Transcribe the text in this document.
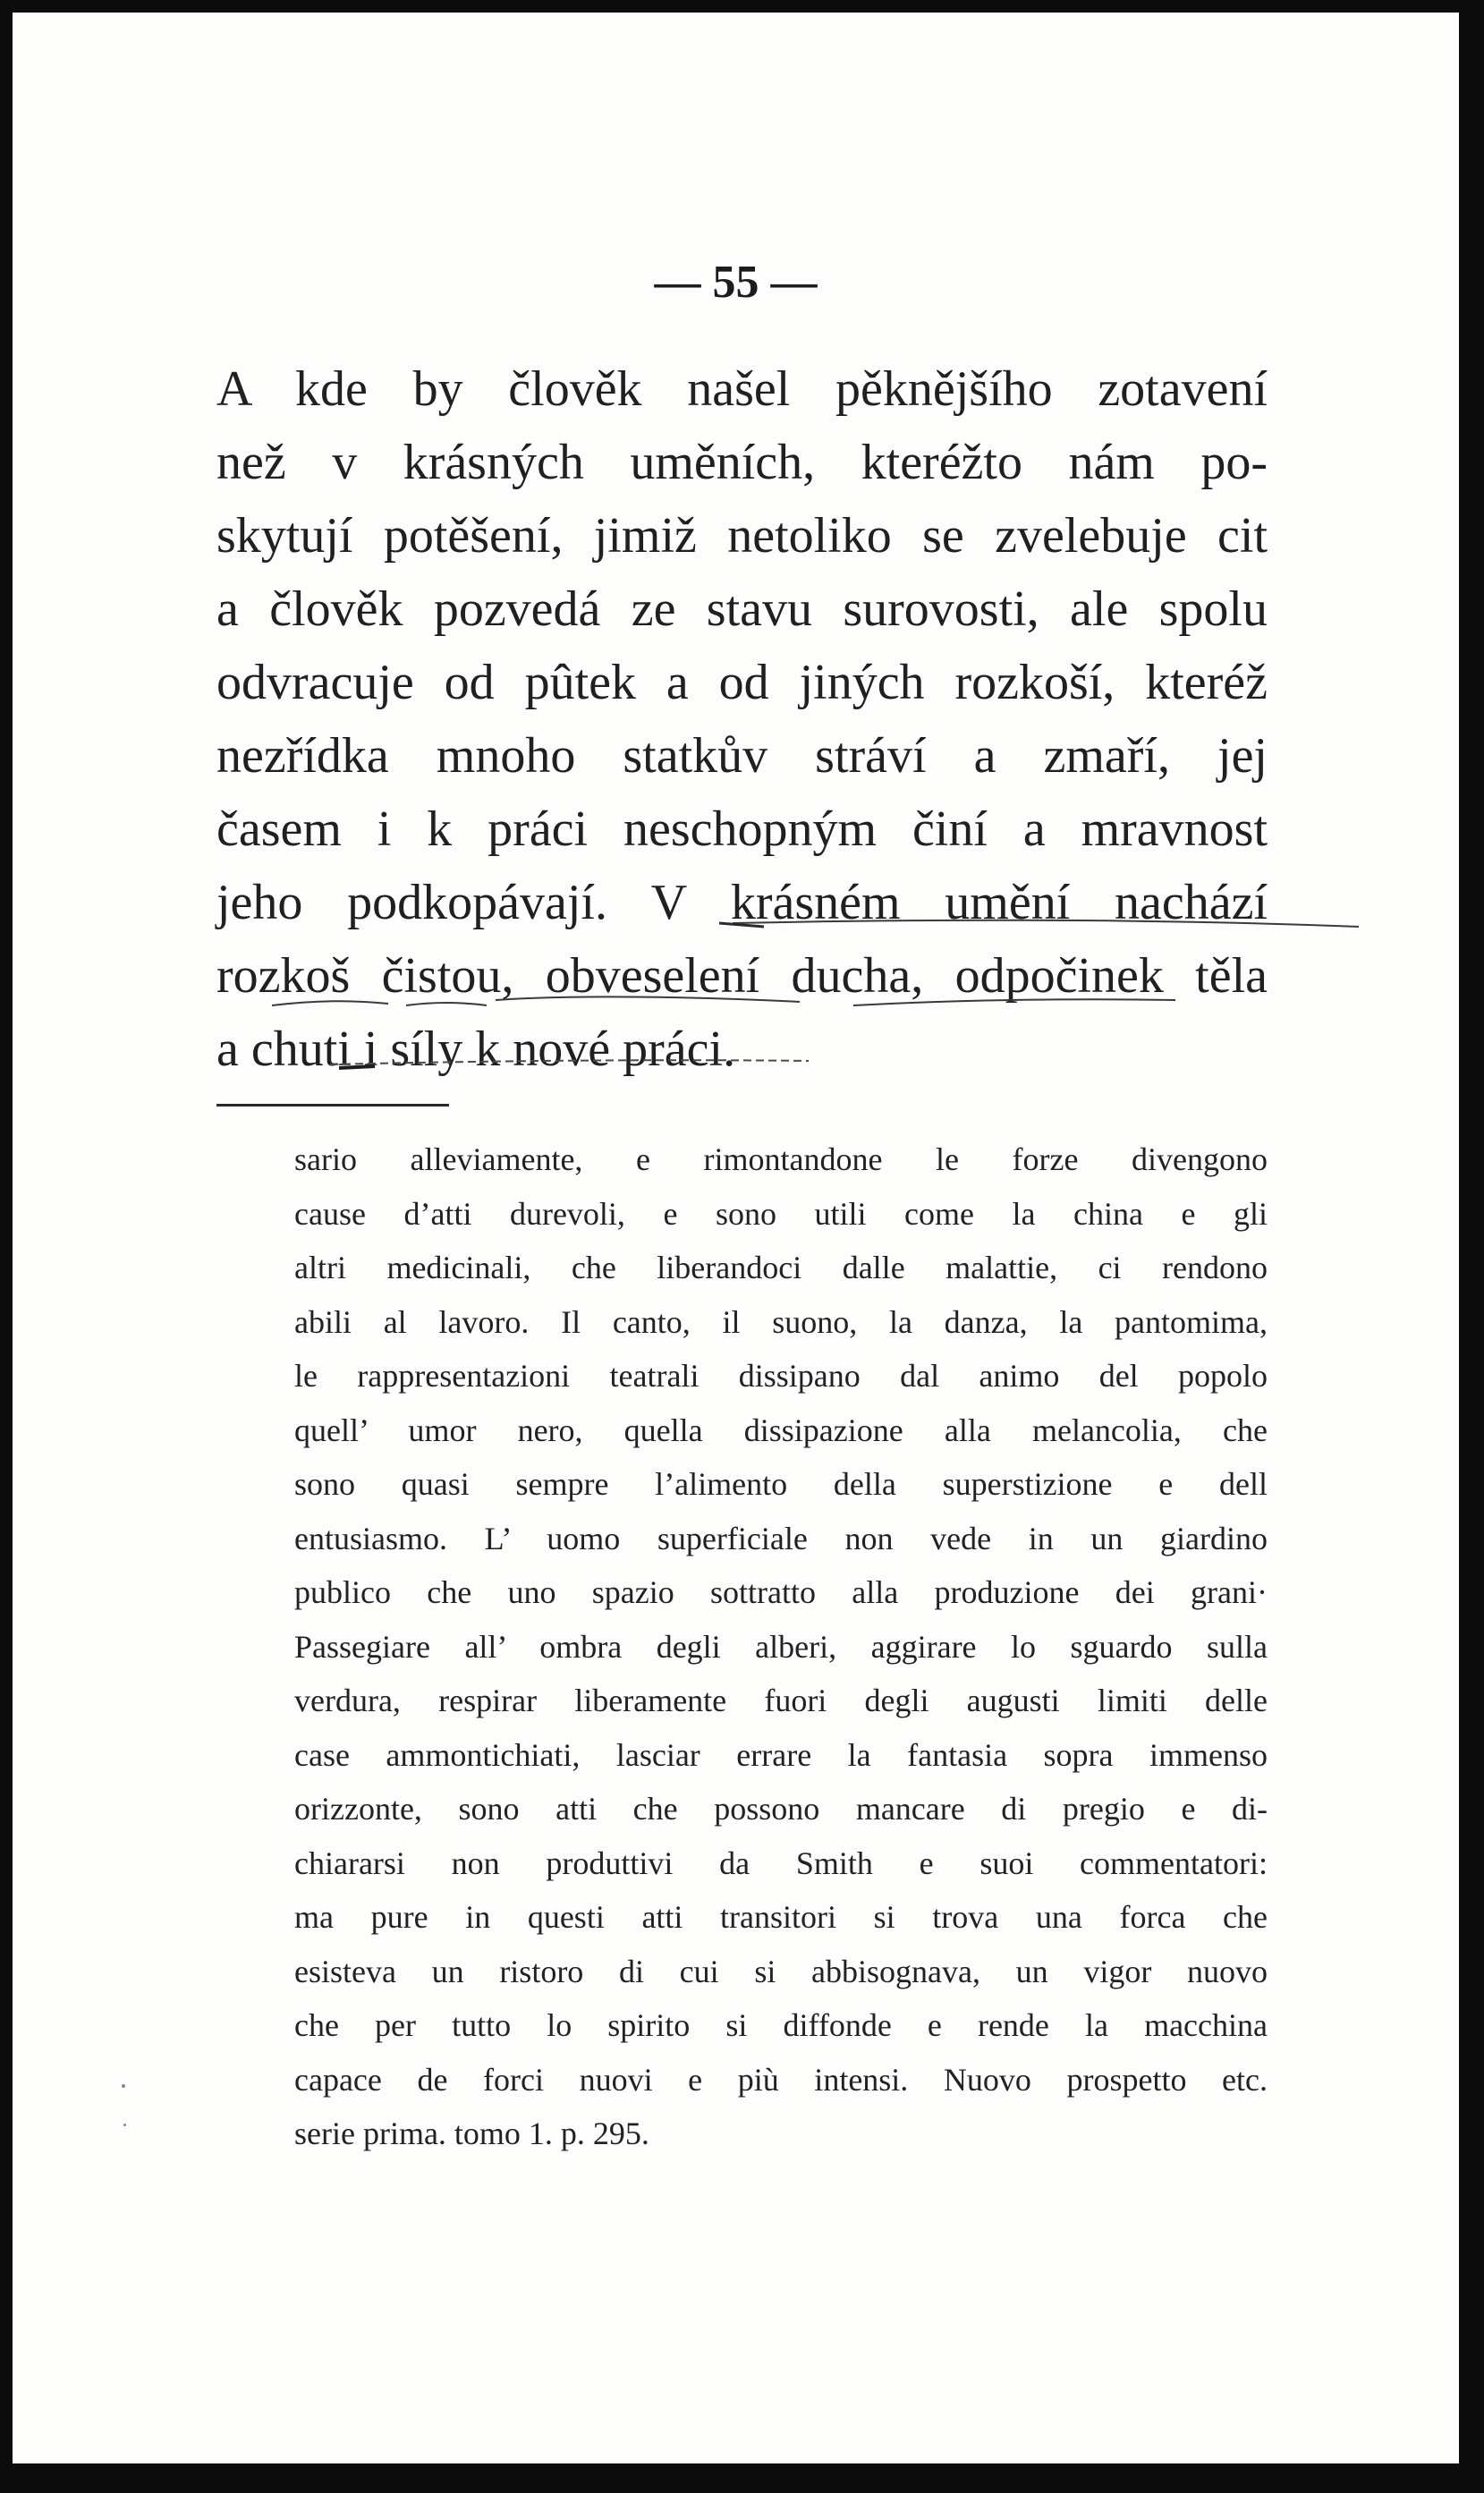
— 55 —
A kde by člověk našel pěknějšího zotavení
než v krásných uměních, kteréžto nám po-
skytují potěšení, jimiž netoliko se zvelebuje cit
a člověk pozvedá ze stavu surovosti, ale spolu
odvracuje od pûtek a od jiných rozkoší, kteréž
nezřídka mnoho statkův stráví a zmaří, jej
časem i k práci neschopným činí a mravnost
jeho podkopávají. V krásném umění nachází
rozkoš čistou, obveselení ducha, odpočinek těla
a chuti i síly k nové práci.
sario alleviamente, e rimontandone le forze divengono
cause d’atti durevoli, e sono utili come la china e gli
altri medicinali, che liberandoci dalle malattie, ci rendono
abili al lavoro. Il canto, il suono, la danza, la pantomima,
le rappresentazioni teatrali dissipano dal animo del popolo
quell’ umor nero, quella dissipazione alla melancolia, che
sono quasi sempre l’alimento della superstizione e dell
entusiasmo. L’ uomo superficiale non vede in un giardino
publico che uno spazio sottratto alla produzione dei grani·
Passegiare all’ ombra degli alberi, aggirare lo sguardo sulla
verdura, respirar liberamente fuori degli augusti limiti delle
case ammontichiati, lasciar errare la fantasia sopra immenso
orizzonte, sono atti che possono mancare di pregio e di-
chiararsi non produttivi da Smith e suoi commentatori:
ma pure in questi atti transitori si trova una forca che
esisteva un ristoro di cui si abbisognava, un vigor nuovo
che per tutto lo spirito si diffonde e rende la macchina
capace de forci nuovi e più intensi. Nuovo prospetto etc.
serie prima. tomo 1. p. 295.
